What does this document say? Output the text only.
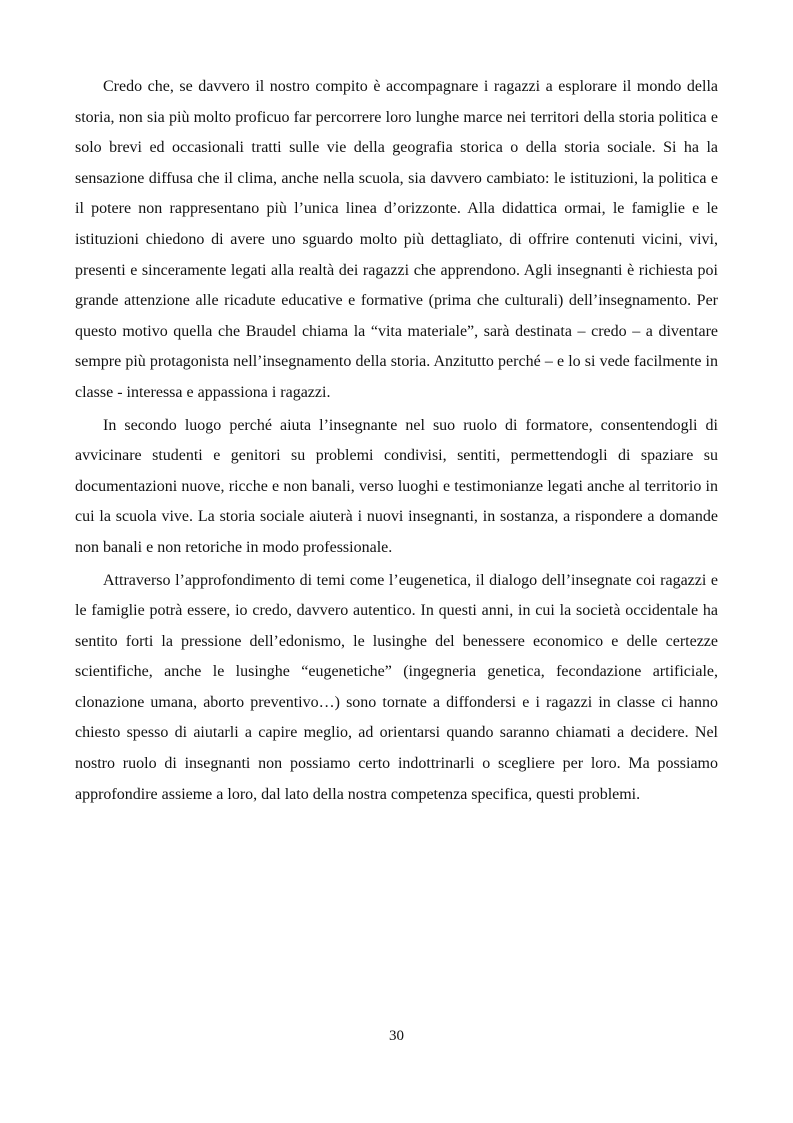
Credo che, se davvero il nostro compito è accompagnare i ragazzi a esplorare il mondo della storia, non sia più molto proficuo far percorrere loro lunghe marce nei territori della storia politica e solo brevi ed occasionali tratti sulle vie della geografia storica o della storia sociale. Si ha la sensazione diffusa che il clima, anche nella scuola, sia davvero cambiato: le istituzioni, la politica e il potere non rappresentano più l’unica linea d’orizzonte. Alla didattica ormai, le famiglie e le istituzioni chiedono di avere uno sguardo molto più dettagliato, di offrire contenuti vicini, vivi, presenti e sinceramente legati alla realtà dei ragazzi che apprendono. Agli insegnanti è richiesta poi grande attenzione alle ricadute educative e formative (prima che culturali) dell’insegnamento. Per questo motivo quella che Braudel chiama la “vita materiale”, sarà destinata – credo – a diventare sempre più protagonista nell’insegnamento della storia. Anzitutto perché – e lo si vede facilmente in classe - interessa e appassiona i ragazzi.

In secondo luogo perché aiuta l’insegnante nel suo ruolo di formatore, consentendogli di avvicinare studenti e genitori su problemi condivisi, sentiti, permettendogli di spaziare su documentazioni nuove, ricche e non banali, verso luoghi e testimonianze legati anche al territorio in cui la scuola vive. La storia sociale aiuterà i nuovi insegnanti, in sostanza, a rispondere a domande non banali e non retoriche in modo professionale.

Attraverso l’approfondimento di temi come l’eugenetica, il dialogo dell’insegnate coi ragazzi e le famiglie potrà essere, io credo, davvero autentico. In questi anni, in cui la società occidentale ha sentito forti la pressione dell’edonismo, le lusinghe del benessere economico e delle certezze scientifiche, anche le lusinghe “eugenetiche” (ingegneria genetica, fecondazione artificiale, clonazione umana, aborto preventivo…) sono tornate a diffondersi e i ragazzi in classe ci hanno chiesto spesso di aiutarli a capire meglio, ad orientarsi quando saranno chiamati a decidere. Nel nostro ruolo di insegnanti non possiamo certo indottrinarli o scegliere per loro. Ma possiamo approfondire assieme a loro, dal lato della nostra competenza specifica, questi problemi.

30
